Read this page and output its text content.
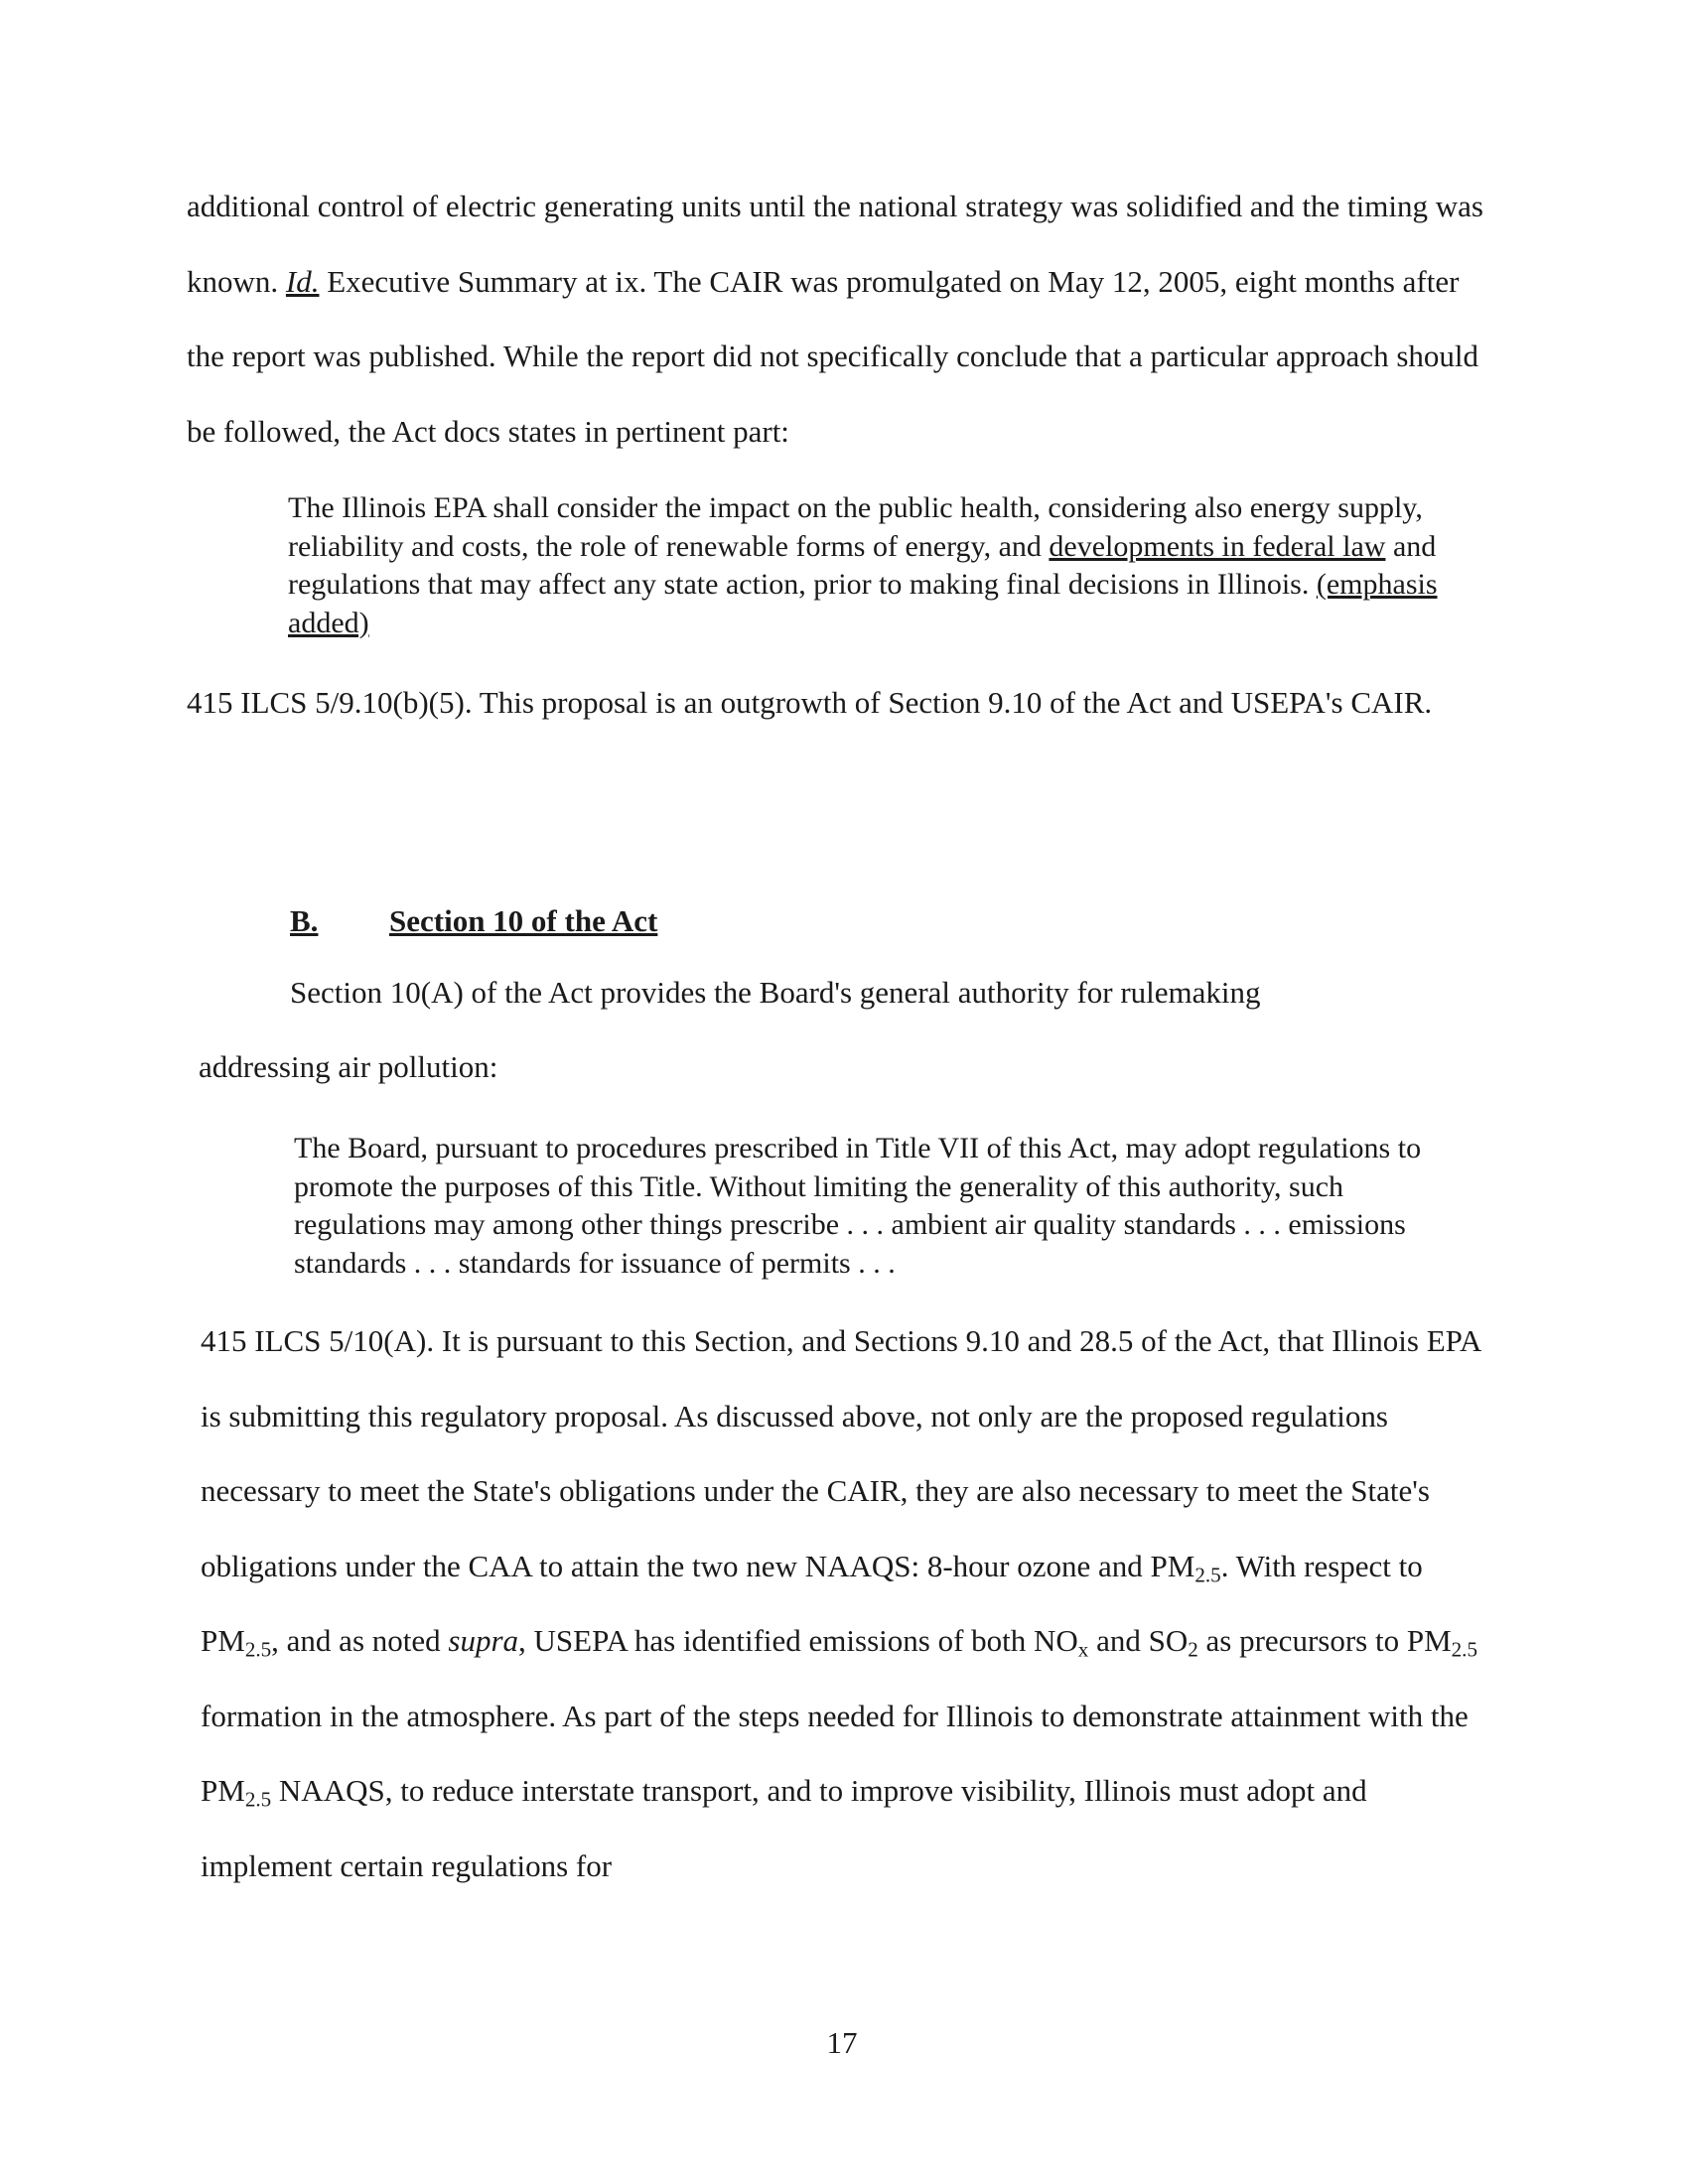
additional control of electric generating units until the national strategy was solidified and the timing was known. Id. Executive Summary at ix. The CAIR was promulgated on May 12, 2005, eight months after the report was published. While the report did not specifically conclude that a particular approach should be followed, the Act docs states in pertinent part:

The Illinois EPA shall consider the impact on the public health, considering also energy supply, reliability and costs, the role of renewable forms of energy, and developments in federal law and regulations that may affect any state action, prior to making final decisions in Illinois. (emphasis added)

415 ILCS 5/9.10(b)(5). This proposal is an outgrowth of Section 9.10 of the Act and USEPA's CAIR.

B. Section 10 of the Act

Section 10(A) of the Act provides the Board's general authority for rulemaking

addressing air pollution:

The Board, pursuant to procedures prescribed in Title VII of this Act, may adopt regulations to promote the purposes of this Title. Without limiting the generality of this authority, such regulations may among other things prescribe . . . ambient air quality standards . . . emissions standards . . . standards for issuance of permits . . .

415 ILCS 5/10(A). It is pursuant to this Section, and Sections 9.10 and 28.5 of the Act, that Illinois EPA is submitting this regulatory proposal. As discussed above, not only are the proposed regulations necessary to meet the State's obligations under the CAIR, they are also necessary to meet the State's obligations under the CAA to attain the two new NAAQS: 8-hour ozone and $PM_{2.5}$. With respect to $PM_{2.5}$, and as noted supra, USEPA has identified emissions of both $NO_x$ and $SO_2$ as precursors to $PM_{2.5}$ formation in the atmosphere. As part of the steps needed for Illinois to demonstrate attainment with the $PM_{2.5}$ NAAQS, to reduce interstate transport, and to improve visibility, Illinois must adopt and implement certain regulations for

17
